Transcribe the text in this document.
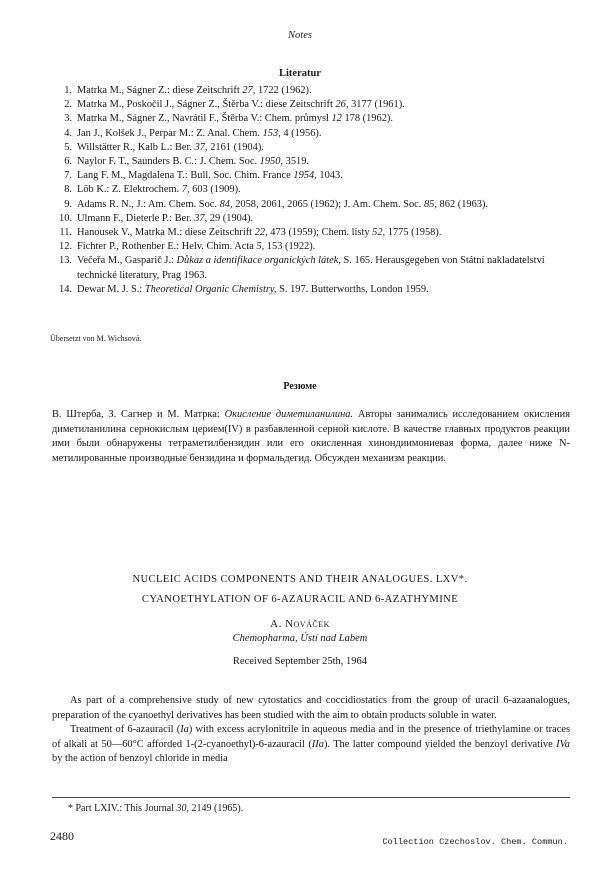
Notes
Literatur
1. Matrka M., Ságner Z.: diese Zeitschrift 27, 1722 (1962).
2. Matrka M., Poskočil J., Ságner Z., Štěrba V.: diese Zeitschrift 26, 3177 (1961).
3. Matrka M., Ságner Z., Navrátil F., Štěrba V.: Chem. průmysl 12 178 (1962).
4. Jan J., Kolšek J., Perpar M.: Z. Anal. Chem. 153, 4 (1956).
5. Willstätter R., Kalb L.: Ber. 37, 2161 (1904).
6. Naylor F. T., Saunders B. C.: J. Chem. Soc. 1950, 3519.
7. Lang F. M., Magdalena T.: Bull. Soc. Chim. France 1954, 1043.
8. Löb K.: Z. Elektrochem. 7, 603 (1909).
9. Adams R. N., J.: Am. Chem. Soc. 84, 2058, 2061, 2065 (1962); J. Am. Chem. Soc. 85, 862 (1963).
10. Ulmann F., Dieterle P.: Ber. 37, 29 (1904).
11. Hanousek V., Matrka M.: diese Zeitschrift 22, 473 (1959); Chem. listy 52, 1775 (1958).
12. Fichter P., Rothenber E.: Helv. Chim. Acta 5, 153 (1922).
13. Večeřa M., Gasparič J.: Důkaz a identifikace organických látek, S. 165. Herausgegeben von Státní nakladatelství technické literatury, Prag 1963.
14. Dewar M. J. S.: Theoretical Organic Chemistry, S. 197. Butterworths, London 1959.
Übersetzt von M. Wichsová.
Резюме

В. Штерба, З. Сагнер и М. Матрка: Окисление диметиланилина. Авторы занимались исследованием окисления диметиланилина сернокислым церием(IV) в разбавленной серной кислоте. В качестве главных продуктов реакции ими были обнаружены тетраметилбензидин или его окисленная хинондиимониевая форма, далее ниже N-метилированные производные бензидина и формальдегид. Обсужден механизм реакции.

NUCLEIC ACIDS COMPONENTS AND THEIR ANALOGUES. LXV*.
CYANOETHYLATION OF 6-AZAURACIL AND 6-AZATHYMINE
A. Nováček
Chemopharma, Ústí nad Labem
Received September 25th, 1964

As part of a comprehensive study of new cytostatics and coccidiostatics from the group of uracil 6-azaanalogues, preparation of the cyanoethyl derivatives has been studied with the aim to obtain products soluble in water.

Treatment of 6-azauracil (Ia) with excess acrylonitrile in aqueous media and in the presence of triethylamine or traces of alkali at 50—60°C afforded 1-(2-cyanoethyl)-6-azauracil (IIa). The latter compound yielded the benzoyl derivative IVa by the action of benzoyl chloride in media

* Part LXIV.: This Journal 30, 2149 (1965).
2480	Collection Czechoslov. Chem. Commun.
